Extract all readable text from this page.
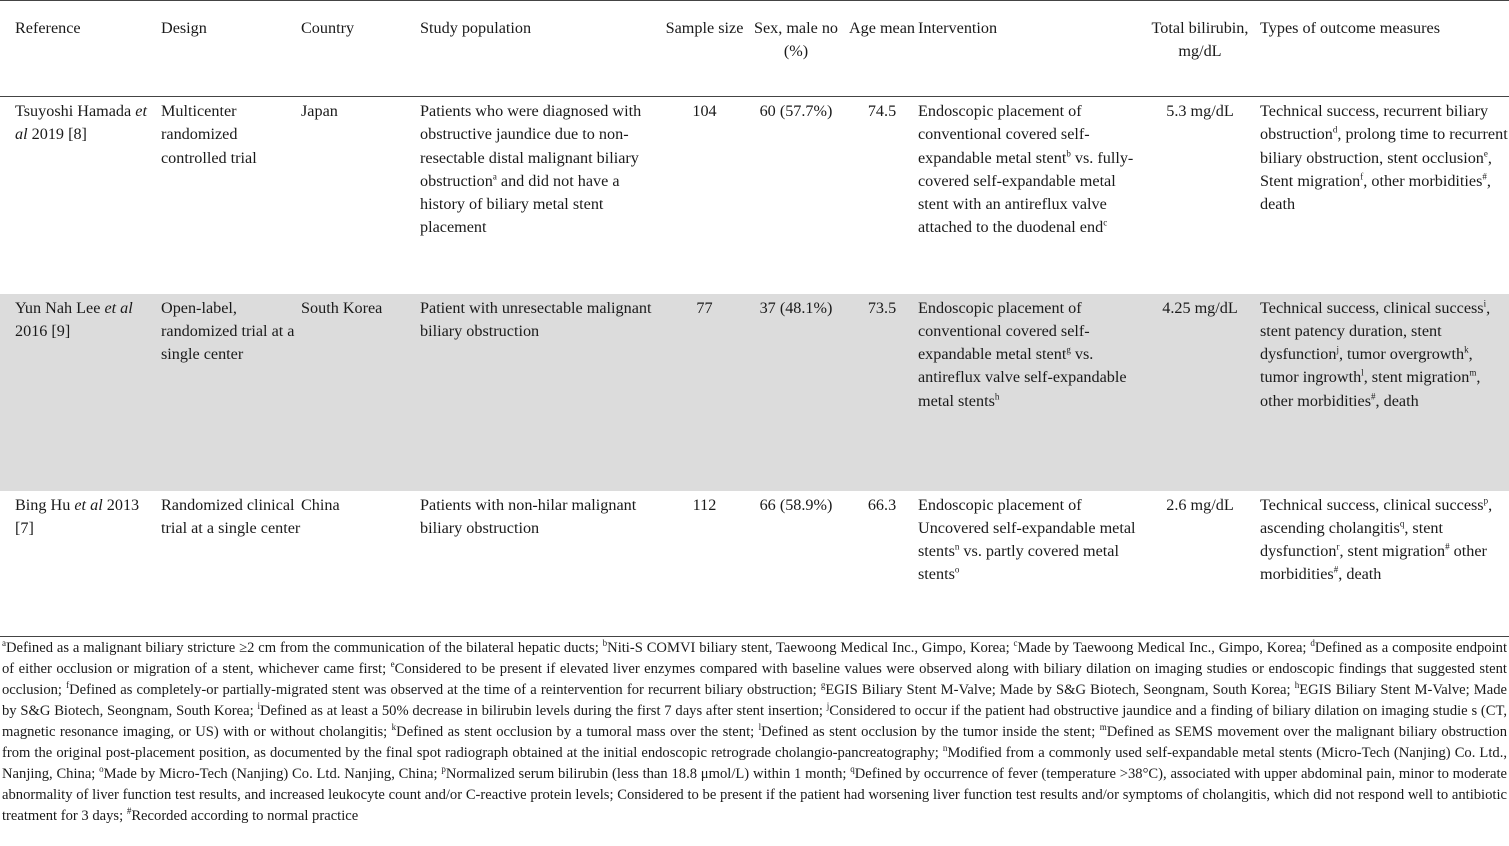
Reference	Design	Country	Study population	Sample size	Sex, male no (%)	Age mean	Intervention	Total bilirubin, mg/dL	Types of outcome measures
Tsuyoshi Hamada et al 2019 [8]	Multicenter randomized controlled trial	Japan	Patients who were diagnosed with obstructive jaundice due to non-resectable distal malignant biliary obstruction$^a$ and did not have a history of biliary metal stent placement	104	60 (57.7%)	74.5	Endoscopic placement of conventional covered self-expandable metal stent$^b$ vs. fully-covered self-expandable metal stent with an antireflux valve attached to the duodenal end$^c$	5.3 mg/dL	Technical success, recurrent biliary obstruction$^d$, prolong time to recurrent biliary obstruction, stent occlusion$^e$, Stent migration$^f$, other morbidities#, death
Yun Nah Lee et al 2016 [9]	Open-label, randomized trial at a single center	South Korea	Patient with unresectable malignant biliary obstruction	77	37 (48.1%)	73.5	Endoscopic placement of conventional covered self-expandable metal stent$^g$ vs. antireflux valve self-expandable metal stents$^h$	4.25 mg/dL	Technical success, clinical success$^i$, stent patency duration, stent dysfunction$^j$, tumor overgrowth$^k$, tumor ingrowth$^l$, stent migration$^m$, other morbidities#, death
Bing Hu et al 2013 [7]	Randomized clinical trial at a single center	China	Patients with non-hilar malignant biliary obstruction	112	66 (58.9%)	66.3	Endoscopic placement of Uncovered self-expandable metal stents$^n$ vs. partly covered metal stents$^o$	2.6 mg/dL	Technical success, clinical success$^p$, ascending cholangitis$^q$, stent dysfunction$^r$, stent migration# other morbidities#, death
$^a$Defined as a malignant biliary stricture ≥2 cm from the communication of the bilateral hepatic ducts; $^b$Niti-S COMVI biliary stent, Taewoong Medical Inc., Gimpo, Korea; $^c$Made by Taewoong Medical Inc., Gimpo, Korea; $^d$Defined as a composite endpoint of either occlusion or migration of a stent, whichever came first; $^e$Considered to be present if elevated liver enzymes compared with baseline values were observed along with biliary dilation on imaging studies or endoscopic findings that suggested stent occlusion; $^f$Defined as completely-or partially-migrated stent was observed at the time of a reintervention for recurrent biliary obstruction; $^g$EGIS Biliary Stent M-Valve; Made by S&G Biotech, Seongnam, South Korea; $^h$EGIS Biliary Stent M-Valve; Made by S&G Biotech, Seongnam, South Korea; $^i$Defined as at least a 50% decrease in bilirubin levels during the first 7 days after stent insertion; $^j$Considered to occur if the patient had obstructive jaundice and a finding of biliary dilation on imaging studie s (CT, magnetic resonance imaging, or US) with or without cholangitis; $^k$Defined as stent occlusion by a tumoral mass over the stent; $^l$Defined as stent occlusion by the tumor inside the stent; $^m$Defined as SEMS movement over the malignant biliary obstruction from the original post-placement position, as documented by the final spot radiograph obtained at the initial endoscopic retrograde cholangio-pancreatography; $^n$Modified from a commonly used self-expandable metal stents (Micro-Tech (Nanjing) Co. Ltd., Nanjing, China; $^o$Made by Micro-Tech (Nanjing) Co. Ltd. Nanjing, China; $^p$Normalized serum bilirubin (less than 18.8 μmol/L) within 1 month; $^q$Defined by occurrence of fever (temperature >38°C), associated with upper abdominal pain, minor to moderate abnormality of liver function test results, and increased leukocyte count and/or C-reactive protein levels; Considered to be present if the patient had worsening liver function test results and/or symptoms of cholangitis, which did not respond well to antibiotic treatment for 3 days; #Recorded according to normal practice
